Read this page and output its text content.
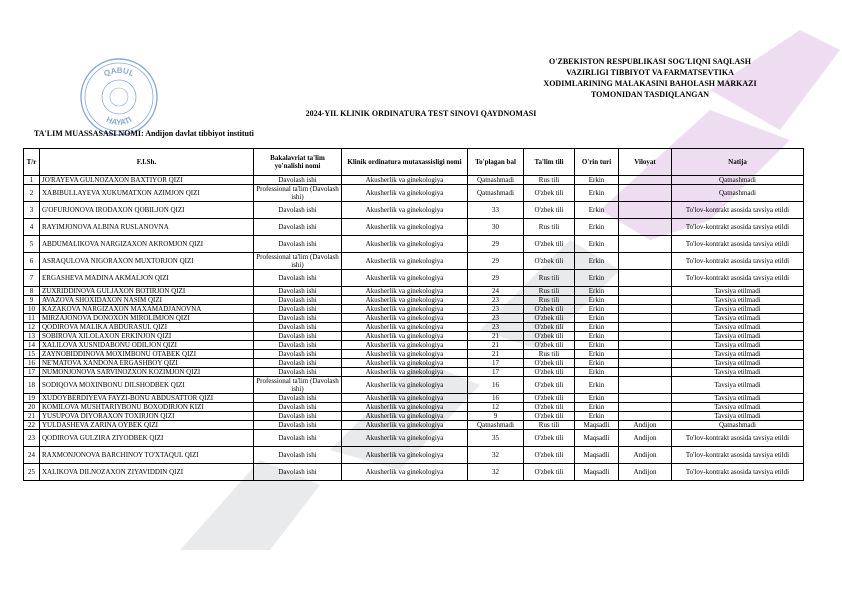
QABUL
HAYATI
O'ZBEKISTON RESPUBLIKASI SOG'LIQNI SAQLASH
VAZIRLIGI TIBBIYOT VA FARMATSEVTIKA
XODIMLARINING MALAKASINI BAHOLASH MARKAZI
TOMONIDAN TASDIQLANGAN
2024-YIL KLINIK ORDINATURA TEST SINOVI QAYDNOMASI
TA'LIM MUASSASASI NOMI: Andijon davlat tibbiyot instituti
T/r	F.I.Sh.	Bakalavriat ta'lim yo'nalishi nomi	Klinik ordinatura mutaxassisligi nomi	To'plagan bal	Ta'lim tili	O'rin turi	Viloyat	Natija
1	JO'RAYEVA GULNOZAXON BAXTIYOR QIZI	Davolash ishi	Akusherlik va ginekologiya	Qatnashmadi	Rus tili	Erkin		Qatnashmadi
2	XABIBULLAYEVA XUKUMATXON AZIMJON QIZI	Professional ta'lim (Davolash ishi)	Akusherlik va ginekologiya	Qatnashmadi	O'zbek tili	Erkin		Qatnashmadi
3	G'OFURJONOVA IRODAXON QOBILJON QIZI	Davolash ishi	Akusherlik va ginekologiya	33	O'zbek tili	Erkin		To'lov-kontrakt asosida tavsiya etildi
4	RAYIMJONOVA ALBINA RUSLANOVNA	Davolash ishi	Akusherlik va ginekologiya	30	Rus tili	Erkin		To'lov-kontrakt asosida tavsiya etildi
5	ABDUMALIKOVA NARGIZAXON AKROMJON QIZI	Davolash ishi	Akusherlik va ginekologiya	29	O'zbek tili	Erkin		To'lov-kontrakt asosida tavsiya etildi
6	ASRAQULOVA NIGORAXON MUXTORJON QIZI	Professional ta'lim (Davolash ishi)	Akusherlik va ginekologiya	29	O'zbek tili	Erkin		To'lov-kontrakt asosida tavsiya etildi
7	ERGASHEVA MADINA AKMALJON QIZI	Davolash ishi	Akusherlik va ginekologiya	29	Rus tili	Erkin		To'lov-kontrakt asosida tavsiya etildi
8	ZUXRIDDINOVA GULJAXON BOTIRJON QIZI	Davolash ishi	Akusherlik va ginekologiya	24	Rus tili	Erkin		Tavsiya etilmadi
9	AVAZOVA SHOXIDAXON NASIM QIZI	Davolash ishi	Akusherlik va ginekologiya	23	Rus tili	Erkin		Tavsiya etilmadi
10	KAZAKOVA NARGIZAXON MAXAMADJANOVNA	Davolash ishi	Akusherlik va ginekologiya	23	O'zbek tili	Erkin		Tavsiya etilmadi
11	MIRZAJONOVA DONOXON MIROLIMJON QIZI	Davolash ishi	Akusherlik va ginekologiya	23	O'zbek tili	Erkin		Tavsiya etilmadi
12	QODIROVA MALIKA ABDURASUL QIZI	Davolash ishi	Akusherlik va ginekologiya	23	O'zbek tili	Erkin		Tavsiya etilmadi
13	SOBIROVA XILOLAXON ERKINJON QIZI	Davolash ishi	Akusherlik va ginekologiya	21	O'zbek tili	Erkin		Tavsiya etilmadi
14	XALILOVA XUSNIDABONU ODILJON QIZI	Davolash ishi	Akusherlik va ginekologiya	21	O'zbek tili	Erkin		Tavsiya etilmadi
15	ZAYNOBIDDINOVA MOXIMBONU OTABEK QIZI	Davolash ishi	Akusherlik va ginekologiya	21	Rus tili	Erkin		Tavsiya etilmadi
16	NE'MATOVA XANDONA ERGASHBOY QIZI	Davolash ishi	Akusherlik va ginekologiya	17	O'zbek tili	Erkin		Tavsiya etilmadi
17	NUMONJONOVA SARVINOZXON KOZIMJON QIZI	Davolash ishi	Akusherlik va ginekologiya	17	O'zbek tili	Erkin		Tavsiya etilmadi
18	SODIQOVA MOXINBONU DILSHODBEK QIZI	Professional ta'lim (Davolash ishi)	Akusherlik va ginekologiya	16	O'zbek tili	Erkin		Tavsiya etilmadi
19	XUDOYBERDIYEVA FAYZI-BONU ABDUSATTOR QIZI	Davolash ishi	Akusherlik va ginekologiya	16	O'zbek tili	Erkin		Tavsiya etilmadi
20	KOMILOVA MUSHTARIYBONU BOXODIRJON KIZI	Davolash ishi	Akusherlik va ginekologiya	12	O'zbek tili	Erkin		Tavsiya etilmadi
21	YUSUPOVA DIYORAXON TOXIRJON QIZI	Davolash ishi	Akusherlik va ginekologiya	9	O'zbek tili	Erkin		Tavsiya etilmadi
22	YULDASHEVA ZARINA OYBEK QIZI	Davolash ishi	Akusherlik va ginekologiya	Qatnashmadi	Rus tili	Maqsadli	Andijon	Qatnashmadi
23	QODIROVA GULZIRA ZIYODBEK QIZI	Davolash ishi	Akusherlik va ginekologiya	35	O'zbek tili	Maqsadli	Andijon	To'lov-kontrakt asosida tavsiya etildi
24	RAXMONJONOVA BARCHINOY TO'XTAQUL QIZI	Davolash ishi	Akusherlik va ginekologiya	32	O'zbek tili	Maqsadli	Andijon	To'lov-kontrakt asosida tavsiya etildi
25	XALIKOVA DILNOZAXON ZIYAVIDDIN QIZI	Davolash ishi	Akusherlik va ginekologiya	32	O'zbek tili	Maqsadli	Andijon	To'lov-kontrakt asosida tavsiya etildi
